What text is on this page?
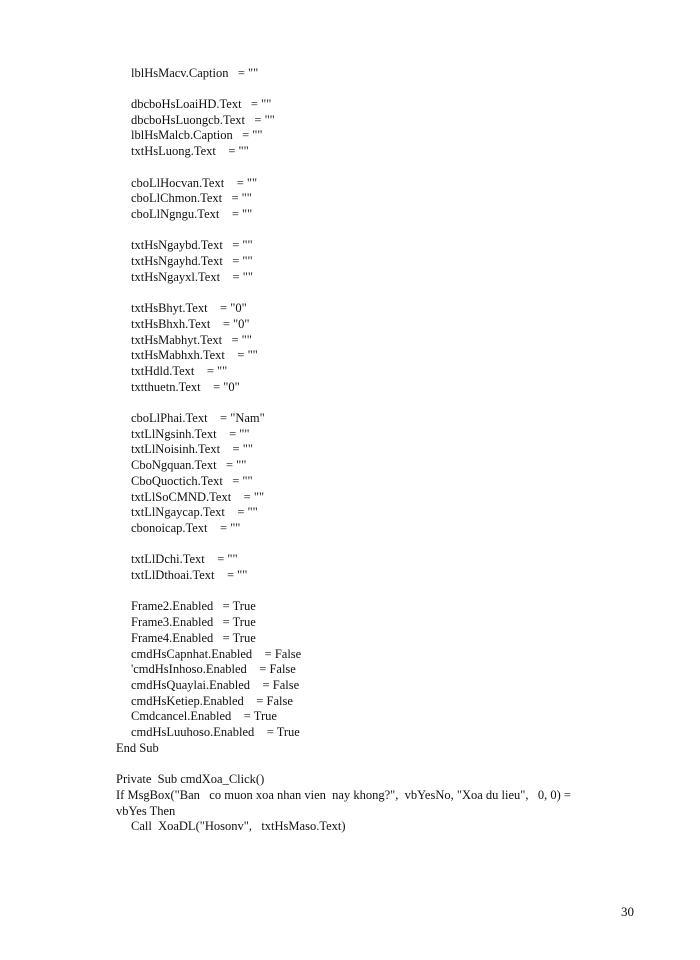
lblHsMacv.Caption   = ""
dbcboHsLoaiHD.Text   = ""
dbcboHsLuongcb.Text   = ""
lblHsMalcb.Caption   = ""
txtHsLuong.Text    = ""
cboLlHocvan.Text    = ""
cboLlChmon.Text   = ""
cboLlNgngu.Text    = ""
txtHsNgaybd.Text   = ""
txtHsNgayhd.Text   = ""
txtHsNgayxl.Text    = ""
txtHsBhyt.Text    = "0"
txtHsBhxh.Text    = "0"
txtHsMabhyt.Text   = ""
txtHsMabhxh.Text    = ""
txtHdld.Text    = ""
txtthuetn.Text    = "0"
cboLlPhai.Text    = "Nam"
txtLlNgsinh.Text    = ""
txtLlNoisinh.Text    = ""
CboNgquan.Text   = ""
CboQuoctich.Text   = ""
txtLlSoCMND.Text    = ""
txtLlNgaycap.Text    = ""
cbonoicap.Text    = ""
txtLlDchi.Text    = ""
txtLlDthoai.Text    = ""
Frame2.Enabled   = True
Frame3.Enabled   = True
Frame4.Enabled   = True
cmdHsCapnhat.Enabled    = False
'cmdHsInhoso.Enabled    = False
cmdHsQuaylai.Enabled    = False
cmdHsKetiep.Enabled    = False
Cmdcancel.Enabled    = True
cmdHsLuuhoso.Enabled    = True
End Sub
Private  Sub cmdXoa_Click()
If MsgBox("Ban   co muon xoa nhan vien  nay khong?",  vbYesNo, "Xoa du lieu",   0, 0) =
vbYes Then
Call  XoaDL("Hosonv",   txtHsMaso.Text)
30
